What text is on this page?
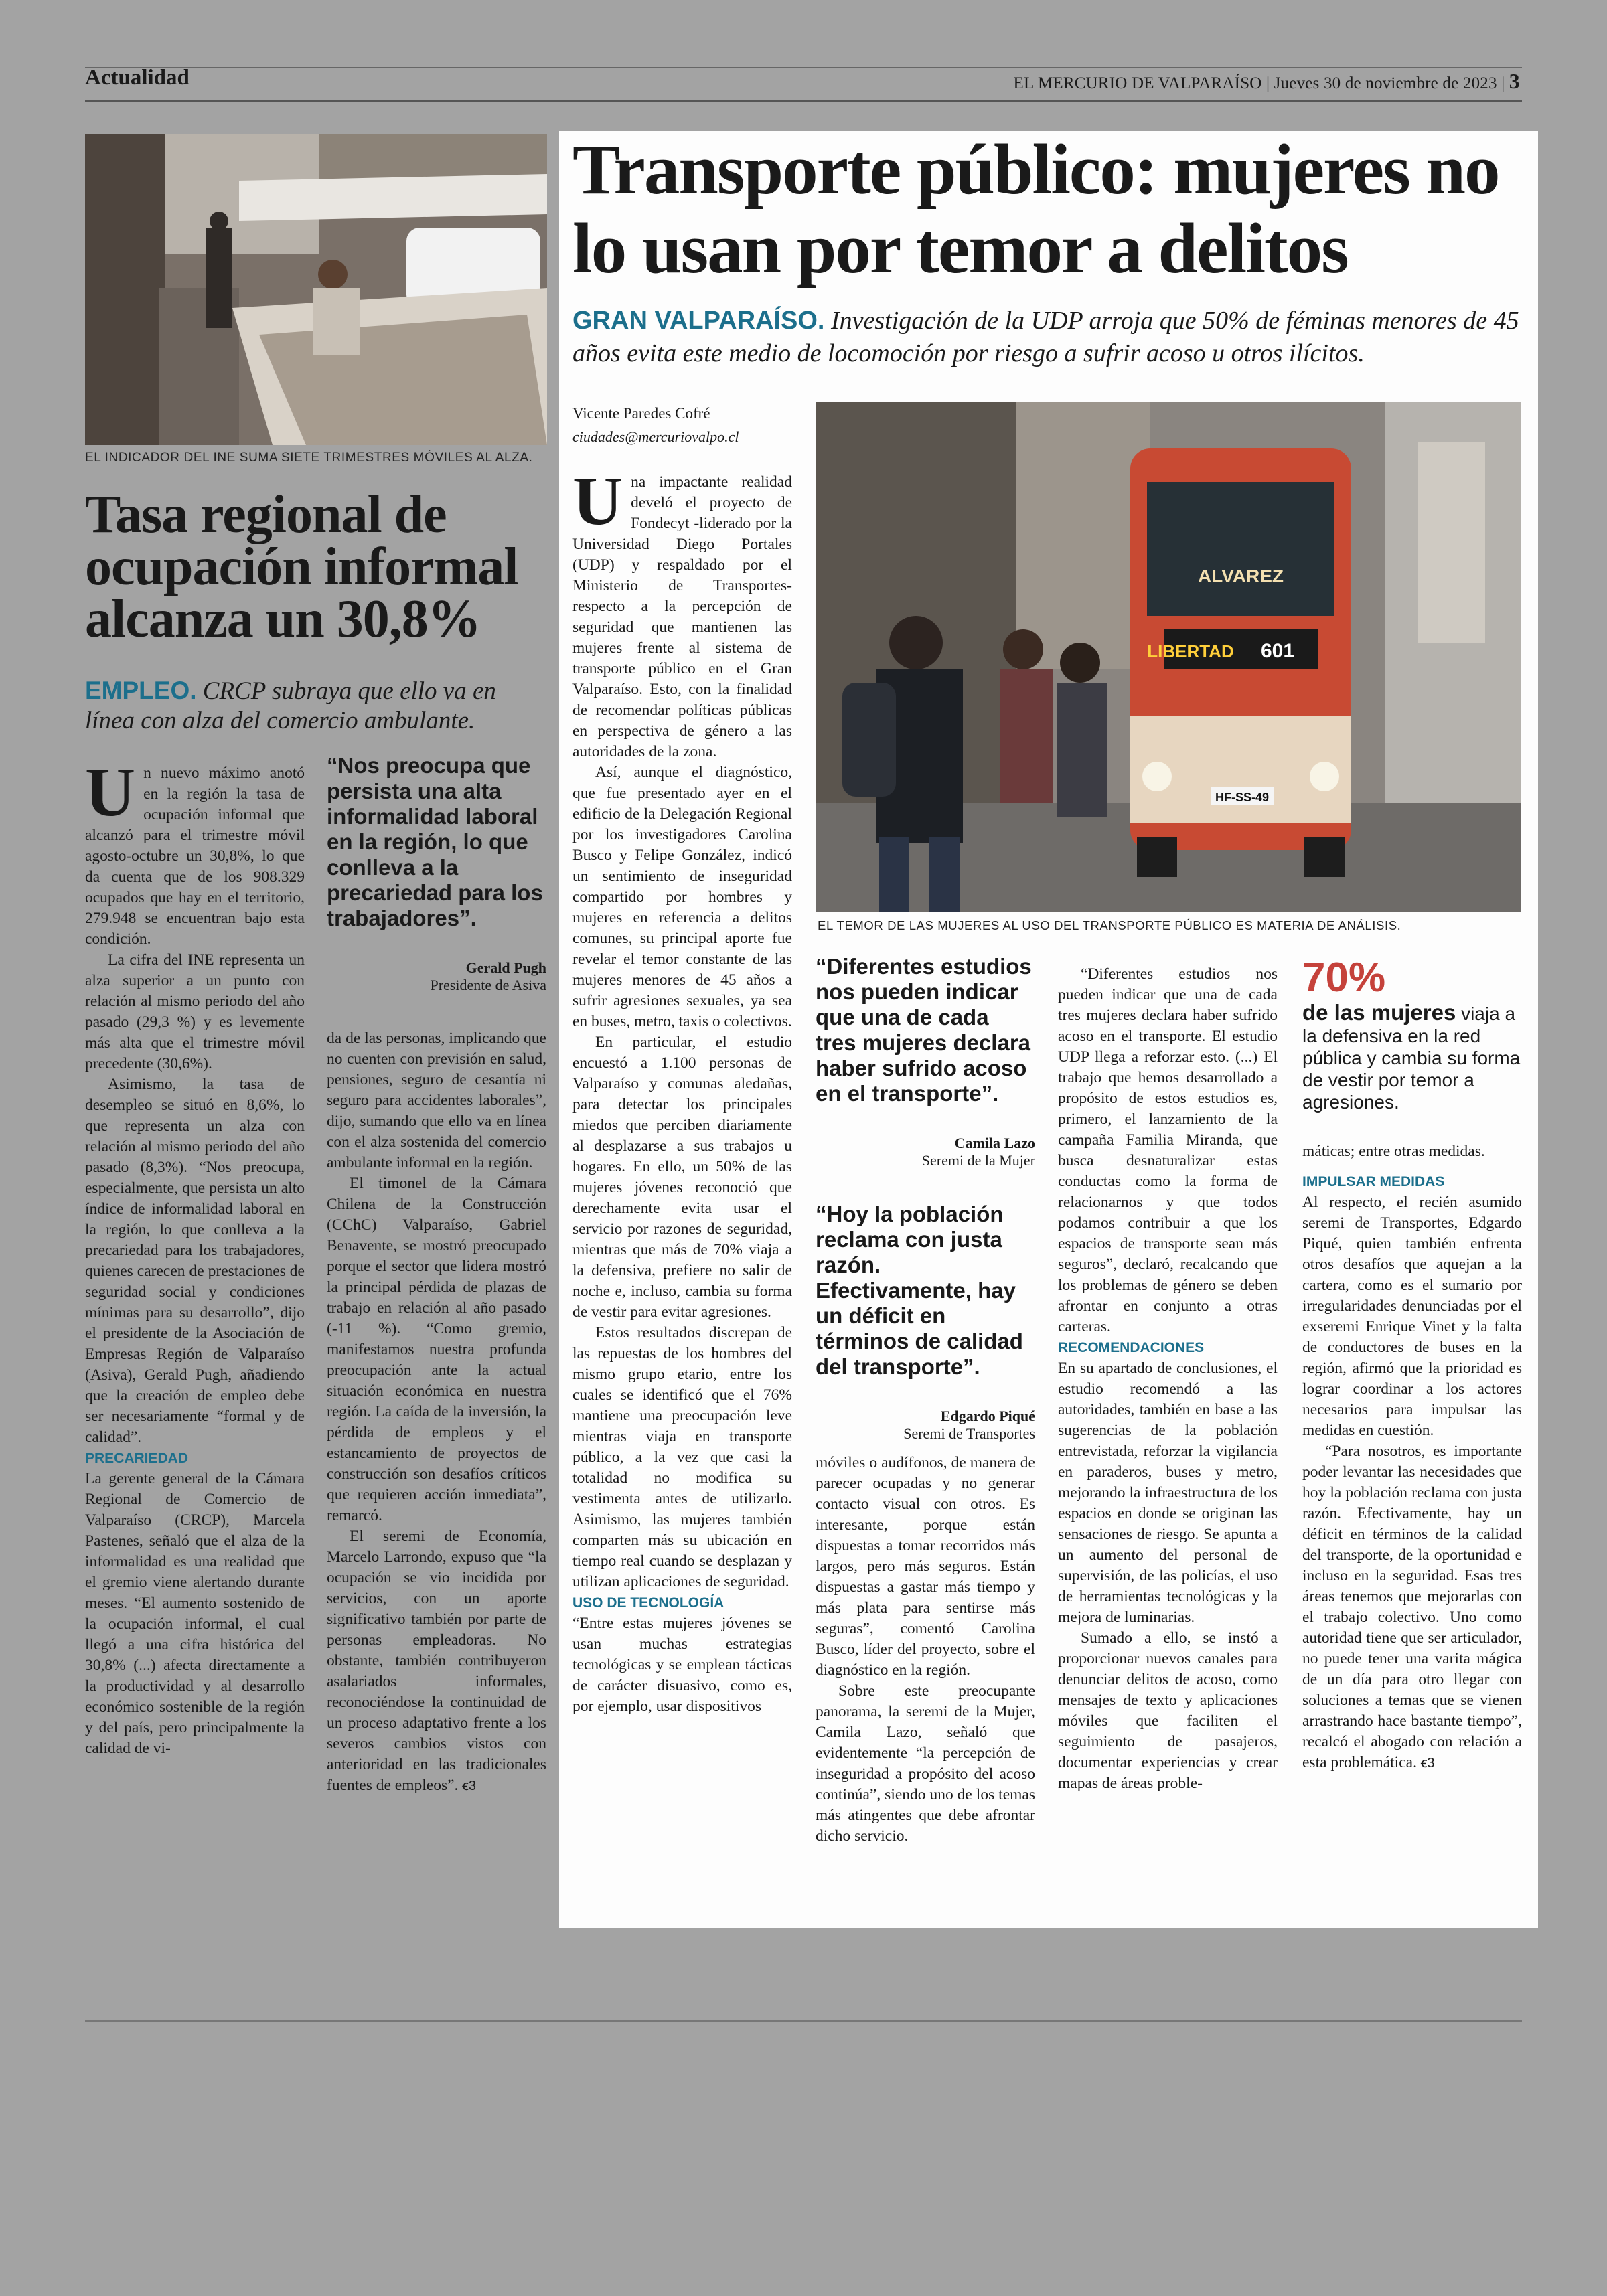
Actualidad	EL MERCURIO DE VALPARAÍSO | Jueves 30 de noviembre de 2023 | 3
EL INDICADOR DEL INE SUMA SIETE TRIMESTRES MÓVILES AL ALZA.
Tasa regional de ocupación informal alcanza un 30,8%
EMPLEO. CRCP subraya que ello va en línea con alza del comercio ambulante.

Un nuevo máximo anotó en la región la tasa de ocupación informal que alcanzó para el trimestre móvil agosto-octubre un 30,8%, lo que da cuenta que de los 908.329 ocupados que hay en el territorio, 279.948 se encuentran bajo esta condición.

La cifra del INE representa un alza superior a un punto con relación al mismo periodo del año pasado (29,3 %) y es levemente más alta que el trimestre móvil precedente (30,6%).

Asimismo, la tasa de desempleo se situó en 8,6%, lo que representa un alza con relación al mismo periodo del año pasado (8,3%). “Nos preocupa, especialmente, que persista un alto índice de informalidad laboral en la región, lo que conlleva a la precariedad para los trabajadores, quienes carecen de prestaciones de seguridad social y condiciones mínimas para su desarrollo”, dijo el presidente de la Asociación de Empresas Región de Valparaíso (Asiva), Gerald Pugh, añadiendo que la creación de empleo debe ser necesariamente “formal y de calidad”.

PRECARIEDAD

La gerente general de la Cámara Regional de Comercio de Valparaíso (CRCP), Marcela Pastenes, señaló que el alza de la informalidad es una realidad que el gremio viene alertando durante meses. “El aumento sostenido de la ocupación informal, el cual llegó a una cifra histórica del 30,8% (...) afecta directamente a la productividad y al desarrollo económico sostenible de la región y del país, pero principalmente la calidad de vi-

“Nos preocupa que persista una alta informalidad laboral en la región, lo que conlleva a la precariedad para los trabajadores”.
Gerald Pugh
Presidente de Asiva

da de las personas, implicando que no cuenten con previsión en salud, pensiones, seguro de cesantía ni seguro para accidentes laborales”, dijo, sumando que ello va en línea con el alza sostenida del comercio ambulante informal en la región.

El timonel de la Cámara Chilena de la Construcción (CChC) Valparaíso, Gabriel Benavente, se mostró preocupado porque el sector que lidera mostró la principal pérdida de plazas de trabajo en relación al año pasado (-11 %). “Como gremio, manifestamos nuestra profunda preocupación ante la actual situación económica en nuestra región. La caída de la inversión, la pérdida de empleos y el estancamiento de proyectos de construcción son desafíos críticos que requieren acción inmediata”, remarcó.

El seremi de Economía, Marcelo Larrondo, expuso que “la ocupación se vio incidida por servicios, con un aporte significativo también por parte de personas empleadoras. No obstante, también contribuyeron asalariados informales, reconociéndose la continuidad de un proceso adaptativo frente a los severos cambios vistos con anterioridad en las tradicionales fuentes de empleos”. ꞓ3

Transporte público: mujeres no lo usan por temor a delitos
GRAN VALPARAÍSO. Investigación de la UDP arroja que 50% de féminas menores de 45 años evita este medio de locomoción por riesgo a sufrir acoso u otros ilícitos.
Vicente Paredes Cofré
ciudades@mercuriovalpo.cl
ALVAREZ
LIBERTAD 601
HF-SS-49
EL TEMOR DE LAS MUJERES AL USO DEL TRANSPORTE PÚBLICO ES MATERIA DE ANÁLISIS.

Una impactante realidad develó el proyecto de Fondecyt -liderado por la Universidad Diego Portales (UDP) y respaldado por el Ministerio de Transportes- respecto a la percepción de seguridad que mantienen las mujeres frente al sistema de transporte público en el Gran Valparaíso. Esto, con la finalidad de recomendar políticas públicas en perspectiva de género a las autoridades de la zona.

Así, aunque el diagnóstico, que fue presentado ayer en el edificio de la Delegación Regional por los investigadores Carolina Busco y Felipe González, indicó un sentimiento de inseguridad compartido por hombres y mujeres en referencia a delitos comunes, su principal aporte fue revelar el temor constante de las mujeres menores de 45 años a sufrir agresiones sexuales, ya sea en buses, metro, taxis o colectivos.

En particular, el estudio encuestó a 1.100 personas de Valparaíso y comunas aledañas, para detectar los principales miedos que perciben diariamente al desplazarse a sus trabajos u hogares. En ello, un 50% de las mujeres jóvenes reconoció que derechamente evita usar el servicio por razones de seguridad, mientras que más de 70% viaja a la defensiva, prefiere no salir de noche e, incluso, cambia su forma de vestir para evitar agresiones.

Estos resultados discrepan de las repuestas de los hombres del mismo grupo etario, entre los cuales se identificó que el 76% mantiene una preocupación leve mientras viaja en transporte público, a la vez que casi la totalidad no modifica su vestimenta antes de utilizarlo. Asimismo, las mujeres también comparten más su ubicación en tiempo real cuando se desplazan y utilizan aplicaciones de seguridad.

USO DE TECNOLOGÍA

“Entre estas mujeres jóvenes se usan muchas estrategias tecnológicas y se emplean tácticas de carácter disuasivo, como es, por ejemplo, usar dispositivos

“Diferentes estudios nos pueden indicar que una de cada tres mujeres declara haber sufrido acoso en el transporte”.
Camila Lazo
Seremi de la Mujer
“Hoy la población reclama con justa razón. Efectivamente, hay un déficit en términos de calidad del transporte”.
Edgardo Piqué
Seremi de Transportes

móviles o audífonos, de manera de parecer ocupadas y no generar contacto visual con otros. Es interesante, porque están dispuestas a tomar recorridos más largos, pero más seguros. Están dispuestas a gastar más tiempo y más plata para sentirse más seguras”, comentó Carolina Busco, líder del proyecto, sobre el diagnóstico en la región.

Sobre este preocupante panorama, la seremi de la Mujer, Camila Lazo, señaló que evidentemente “la percepción de inseguridad a propósito del acoso continúa”, siendo uno de los temas más atingentes que debe afrontar dicho servicio.

“Diferentes estudios nos pueden indicar que una de cada tres mujeres declara haber sufrido acoso en el transporte. El estudio UDP llega a reforzar esto. (...) El trabajo que hemos desarrollado a propósito de estos estudios es, primero, el lanzamiento de la campaña Familia Miranda, que busca desnaturalizar estas conductas como la forma de relacionarnos y que todos podamos contribuir a que los espacios de transporte sean más seguros”, declaró, recalcando que los problemas de género se deben afrontar en conjunto a otras carteras.

RECOMENDACIONES

En su apartado de conclusiones, el estudio recomendó a las autoridades, también en base a las sugerencias de la población entrevistada, reforzar la vigilancia en paraderos, buses y metro, mejorando la infraestructura de los espacios en donde se originan las sensaciones de riesgo. Se apunta a un aumento del personal de supervisión, de las policías, el uso de herramientas tecnológicas y la mejora de luminarias.

Sumado a ello, se instó a proporcionar nuevos canales para denunciar delitos de acoso, como mensajes de texto y aplicaciones móviles que faciliten el seguimiento de pasajeros, documentar experiencias y crear mapas de áreas proble-

70%
de las mujeres viaja a la defensiva en la red pública y cambia su forma de vestir por temor a agresiones.

máticas; entre otras medidas.

IMPULSAR MEDIDAS

Al respecto, el recién asumido seremi de Transportes, Edgardo Piqué, quien también enfrenta otros desafíos que aquejan a la cartera, como es el sumario por irregularidades denunciadas por el exseremi Enrique Vinet y la falta de conductores de buses en la región, afirmó que la prioridad es lograr coordinar a los actores necesarios para impulsar las medidas en cuestión.

“Para nosotros, es importante poder levantar las necesidades que hoy la población reclama con justa razón. Efectivamente, hay un déficit en términos de la calidad del transporte, de la oportunidad e incluso en la seguridad. Esas tres áreas tenemos que mejorarlas con el trabajo colectivo. Uno como autoridad tiene que ser articulador, no puede tener una varita mágica de un día para otro llegar con soluciones a temas que se vienen arrastrando hace bastante tiempo”, recalcó el abogado con relación a esta problemática. ꞓ3
